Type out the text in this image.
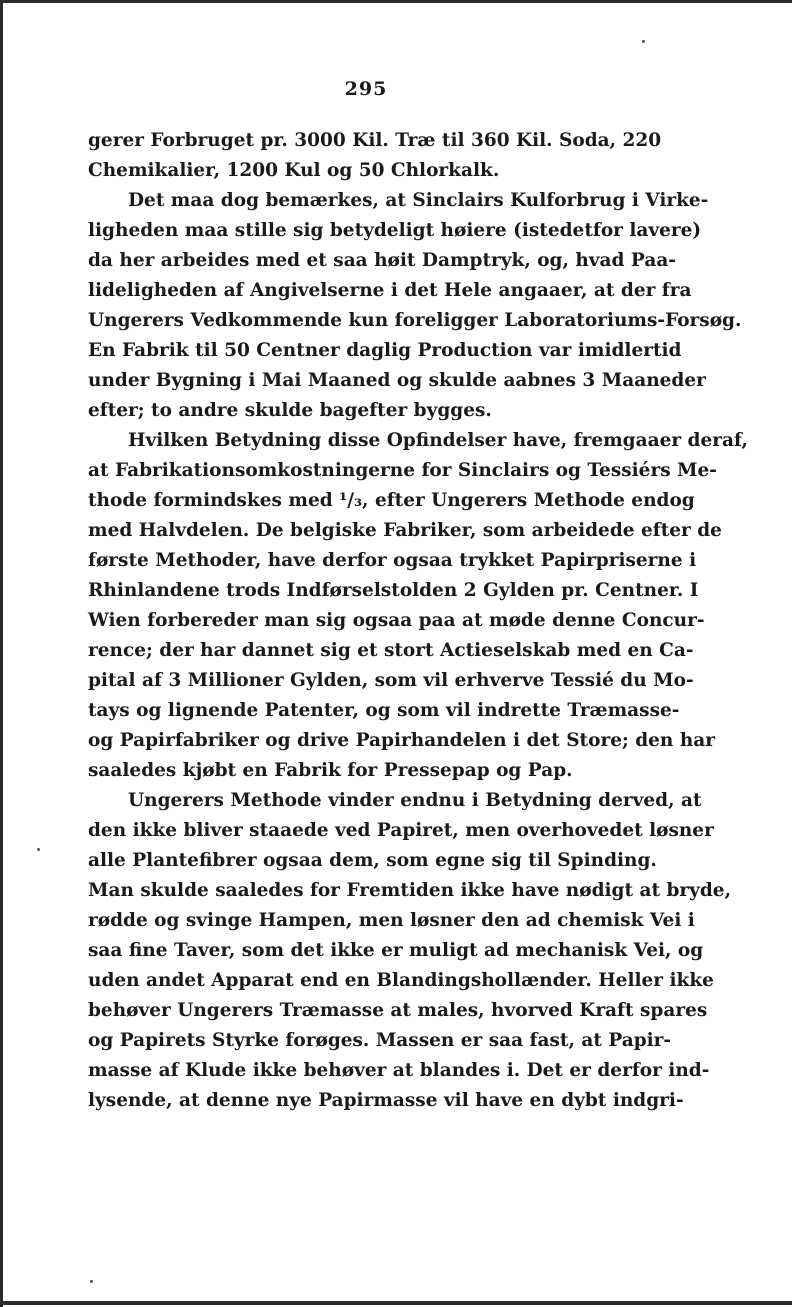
295
gerer Forbruget pr. 3000 Kil. Træ til 360 Kil. Soda, 220
Chemikalier, 1200 Kul og 50 Chlorkalk.
Det maa dog bemærkes, at Sinclairs Kulforbrug i Virke-
ligheden maa stille sig betydeligt høiere (istedetfor lavere)
da her arbeides med et saa høit Damptryk, og, hvad Paa-
lideligheden af Angivelserne i det Hele angaaer, at der fra
Ungerers Vedkommende kun foreligger Laboratoriums-Forsøg.
En Fabrik til 50 Centner daglig Production var imidlertid
under Bygning i Mai Maaned og skulde aabnes 3 Maaneder
efter; to andre skulde bagefter bygges.
Hvilken Betydning disse Opfindelser have, fremgaaer deraf,
at Fabrikationsomkostningerne for Sinclairs og Tessiérs Me-
thode formindskes med ¹/₃, efter Ungerers Methode endog
med Halvdelen. De belgiske Fabriker, som arbeidede efter de
første Methoder, have derfor ogsaa trykket Papirpriserne i
Rhinlandene trods Indførselstolden 2 Gylden pr. Centner. I
Wien forbereder man sig ogsaa paa at møde denne Concur-
rence; der har dannet sig et stort Actieselskab med en Ca-
pital af 3 Millioner Gylden, som vil erhverve Tessié du Mo-
tays og lignende Patenter, og som vil indrette Træmasse-
og Papirfabriker og drive Papirhandelen i det Store; den har
saaledes kjøbt en Fabrik for Pressepap og Pap.
Ungerers Methode vinder endnu i Betydning derved, at
den ikke bliver staaede ved Papiret, men overhovedet løsner
alle Plantefibrer ogsaa dem, som egne sig til Spinding.
Man skulde saaledes for Fremtiden ikke have nødigt at bryde,
rødde og svinge Hampen, men løsner den ad chemisk Vei i
saa fine Taver, som det ikke er muligt ad mechanisk Vei, og
uden andet Apparat end en Blandingshollænder. Heller ikke
behøver Ungerers Træmasse at males, hvorved Kraft spares
og Papirets Styrke forøges. Massen er saa fast, at Papir-
masse af Klude ikke behøver at blandes i. Det er derfor ind-
lysende, at denne nye Papirmasse vil have en dybt indgri-
